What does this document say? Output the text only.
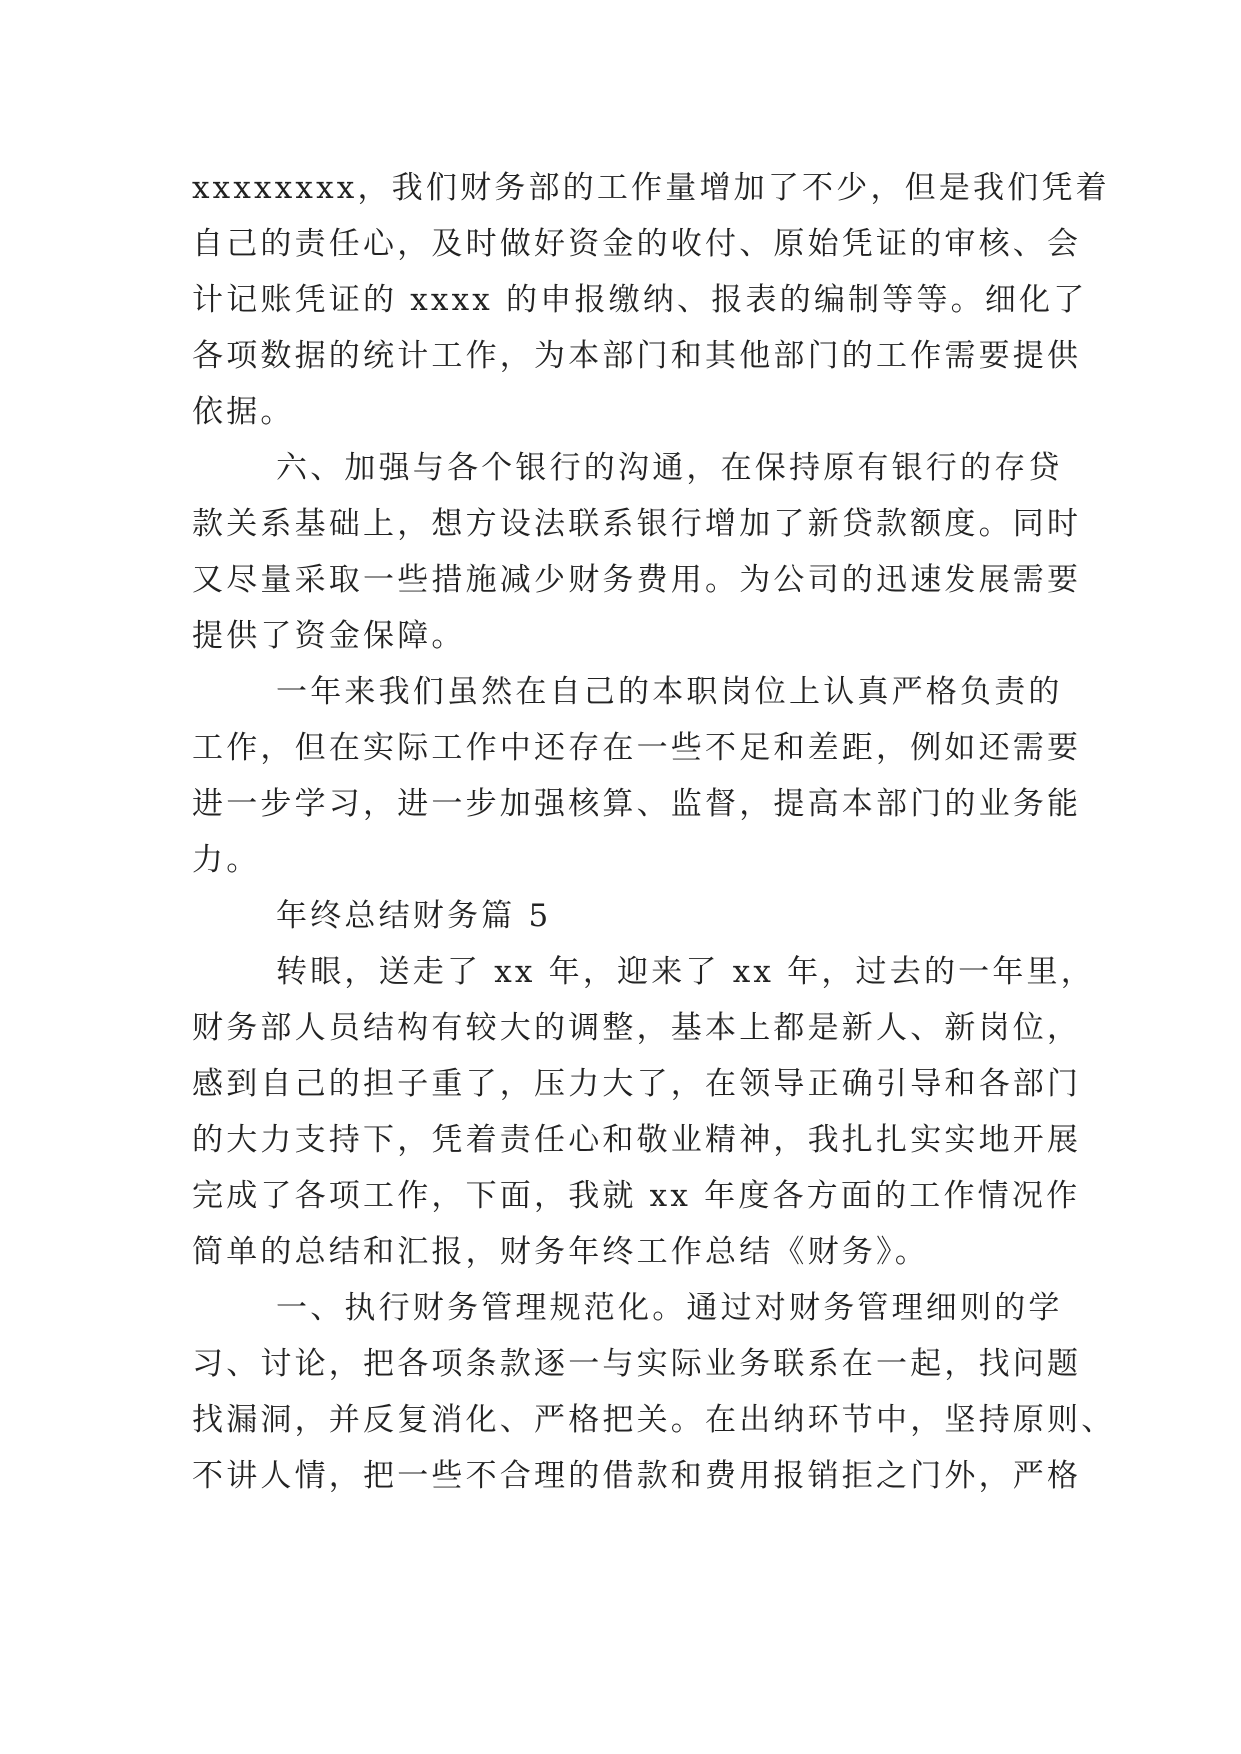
xxxxxxxx，我们财务部的工作量增加了不少，但是我们凭着
自己的责任心，及时做好资金的收付、原始凭证的审核、会
计记账凭证的 xxxx 的申报缴纳、报表的编制等等。细化了
各项数据的统计工作，为本部门和其他部门的工作需要提供
依据。
六、加强与各个银行的沟通，在保持原有银行的存贷
款关系基础上，想方设法联系银行增加了新贷款额度。同时
又尽量采取一些措施减少财务费用。为公司的迅速发展需要
提供了资金保障。
一年来我们虽然在自己的本职岗位上认真严格负责的
工作，但在实际工作中还存在一些不足和差距，例如还需要
进一步学习，进一步加强核算、监督，提高本部门的业务能
力。
年终总结财务篇 5
转眼，送走了 xx 年，迎来了 xx 年，过去的一年里，
财务部人员结构有较大的调整，基本上都是新人、新岗位，
感到自己的担子重了，压力大了，在领导正确引导和各部门
的大力支持下，凭着责任心和敬业精神，我扎扎实实地开展
完成了各项工作，下面，我就 xx 年度各方面的工作情况作
简单的总结和汇报，财务年终工作总结《财务》。
一、执行财务管理规范化。通过对财务管理细则的学
习、讨论，把各项条款逐一与实际业务联系在一起，找问题
找漏洞，并反复消化、严格把关。在出纳环节中，坚持原则、
不讲人情，把一些不合理的借款和费用报销拒之门外，严格
